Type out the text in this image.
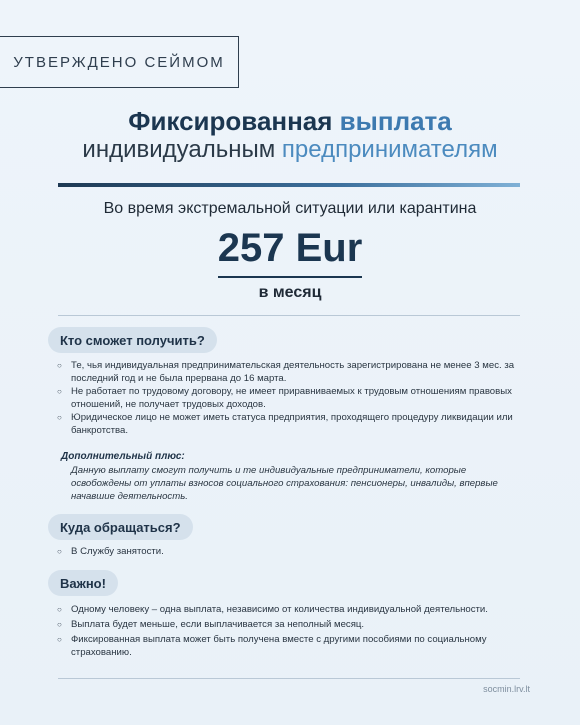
УТВЕРЖДЕНО СЕЙМОМ
Фиксированная выплата
индивидуальным предпринимателям
Во время экстремальной ситуации или карантина
257 Eur
в месяц
Кто сможет получить?
○ Те, чья индивидуальная предпринимательская деятельность зарегистрирована не менее 3 мес. за последний год и не была прервана до 16 марта.
○ Не работает по трудовому договору, не имеет приравниваемых к трудовым отношениям правовых отношений, не получает трудовых доходов.
○ Юридическое лицо не может иметь статуса предприятия, проходящего процедуру ликвидации или банкротства.
Дополнительный плюс:
Данную выплату смогут получить и те индивидуальные предприниматели, которые освобождены от уплаты взносов социального страхования: пенсионеры, инвалиды, впервые начавшие деятельность.
Куда обращаться?
○ В Службу занятости.
Важно!
○ Одному человеку – одна выплата, независимо от количества индивидуальной деятельности.
○ Выплата будет меньше, если выплачивается за неполный месяц.
○ Фиксированная выплата может быть получена вместе с другими пособиями по социальному страхованию.
socmin.lrv.lt
